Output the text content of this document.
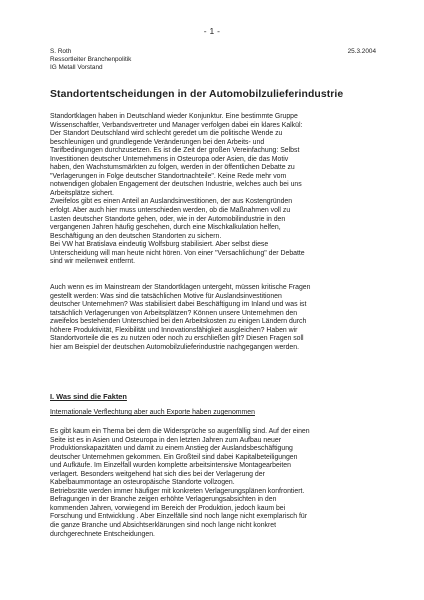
- 1 -
S. Roth
Ressortleiter Branchenpolitik
IG Metall Vorstand
25.3.2004
Standortentscheidungen in der Automobilzulieferindustrie

Standortklagen haben in Deutschland wieder Konjunktur. Eine bestimmte Gruppe

Wissenschaftler, Verbandsvertreter und Manager verfolgen dabei ein klares Kalkül:

Der Standort Deutschland wird schlecht geredet um die politische Wende zu

beschleunigen und grundlegende Veränderungen bei den Arbeits- und

Tarifbedingungen durchzusetzen. Es ist die Zeit der großen Vereinfachung: Selbst

Investitionen deutscher Unternehmens in Osteuropa oder Asien, die das Motiv

haben, den Wachstumsmärkten zu folgen, werden in der öffentlichen Debatte zu

"Verlagerungen in Folge deutscher Standortnachteile". Keine Rede mehr vom

notwendigen globalen Engagement der deutschen Industrie, welches auch bei uns

Arbeitsplätze sichert.

Zweifelos gibt es einen Anteil an Auslandsinvestitionen, der aus Kostengründen

erfolgt. Aber auch hier muss unterschieden werden, ob die Maßnahmen voll zu

Lasten deutscher Standorte gehen, oder, wie in der Automobilindustrie in den

vergangenen Jahren häufig geschehen, durch eine Mischkalkulation helfen,

Beschäftigung an den deutschen Standorten zu sichern.

Bei VW hat Bratislava eindeutig Wolfsburg stabilisiert. Aber selbst diese

Unterscheidung will man heute nicht hören. Von einer "Versachlichung" der Debatte

sind wir meilenweit entfernt.

Auch wenn es im Mainstream der Standortklagen untergeht, müssen kritische Fragen

gestellt werden: Was sind die tatsächlichen Motive für Auslandsinvestitionen

deutscher Unternehmen? Was stabilisiert dabei Beschäftigung im Inland und was ist

tatsächlich Verlagerungen von Arbeitsplätzen? Können unsere Unternehmen den

zweifelos bestehenden Unterschied bei den Arbeitskosten zu einigen Ländern durch

höhere Produktivität, Flexibilität und Innovationsfähigkeit ausgleichen? Haben wir

Standortvorteile die es zu nutzen oder noch zu erschließen gilt? Diesen Fragen soll

hier am Beispiel der deutschen Automobilzulieferindustrie nachgegangen werden.

I. Was sind die Fakten
Internationale Verflechtung aber auch Exporte haben zugenommen

Es gibt kaum ein Thema bei dem die Widersprüche so augenfällig sind. Auf der einen

Seite ist es in Asien und Osteuropa in den letzten Jahren zum Aufbau neuer

Produktionskapazitäten und damit zu einem Anstieg der Auslandsbeschäftigung

deutscher Unternehmen gekommen. Ein Großteil sind dabei Kapitalbeteiligungen

und Aufkäufe. Im Einzelfall wurden komplette arbeitsintensive Montagearbeiten

verlagert. Besonders weitgehend hat sich dies bei der Verlagerung der

Kabelbaummontage an osteuropäische Standorte vollzogen.

Betriebsräte werden immer häufiger mit konkreten Verlagerungsplänen konfrontiert.

Befragungen in der Branche zeigen erhöhte Verlagerungsabsichten in den

kommenden Jahren, vorwiegend im Bereich der Produktion, jedoch kaum bei

Forschung und Entwicklung . Aber Einzelfälle sind noch lange nicht exemplarisch für

die ganze Branche und Absichtserklärungen sind noch lange nicht konkret

durchgerechnete Entscheidungen.
